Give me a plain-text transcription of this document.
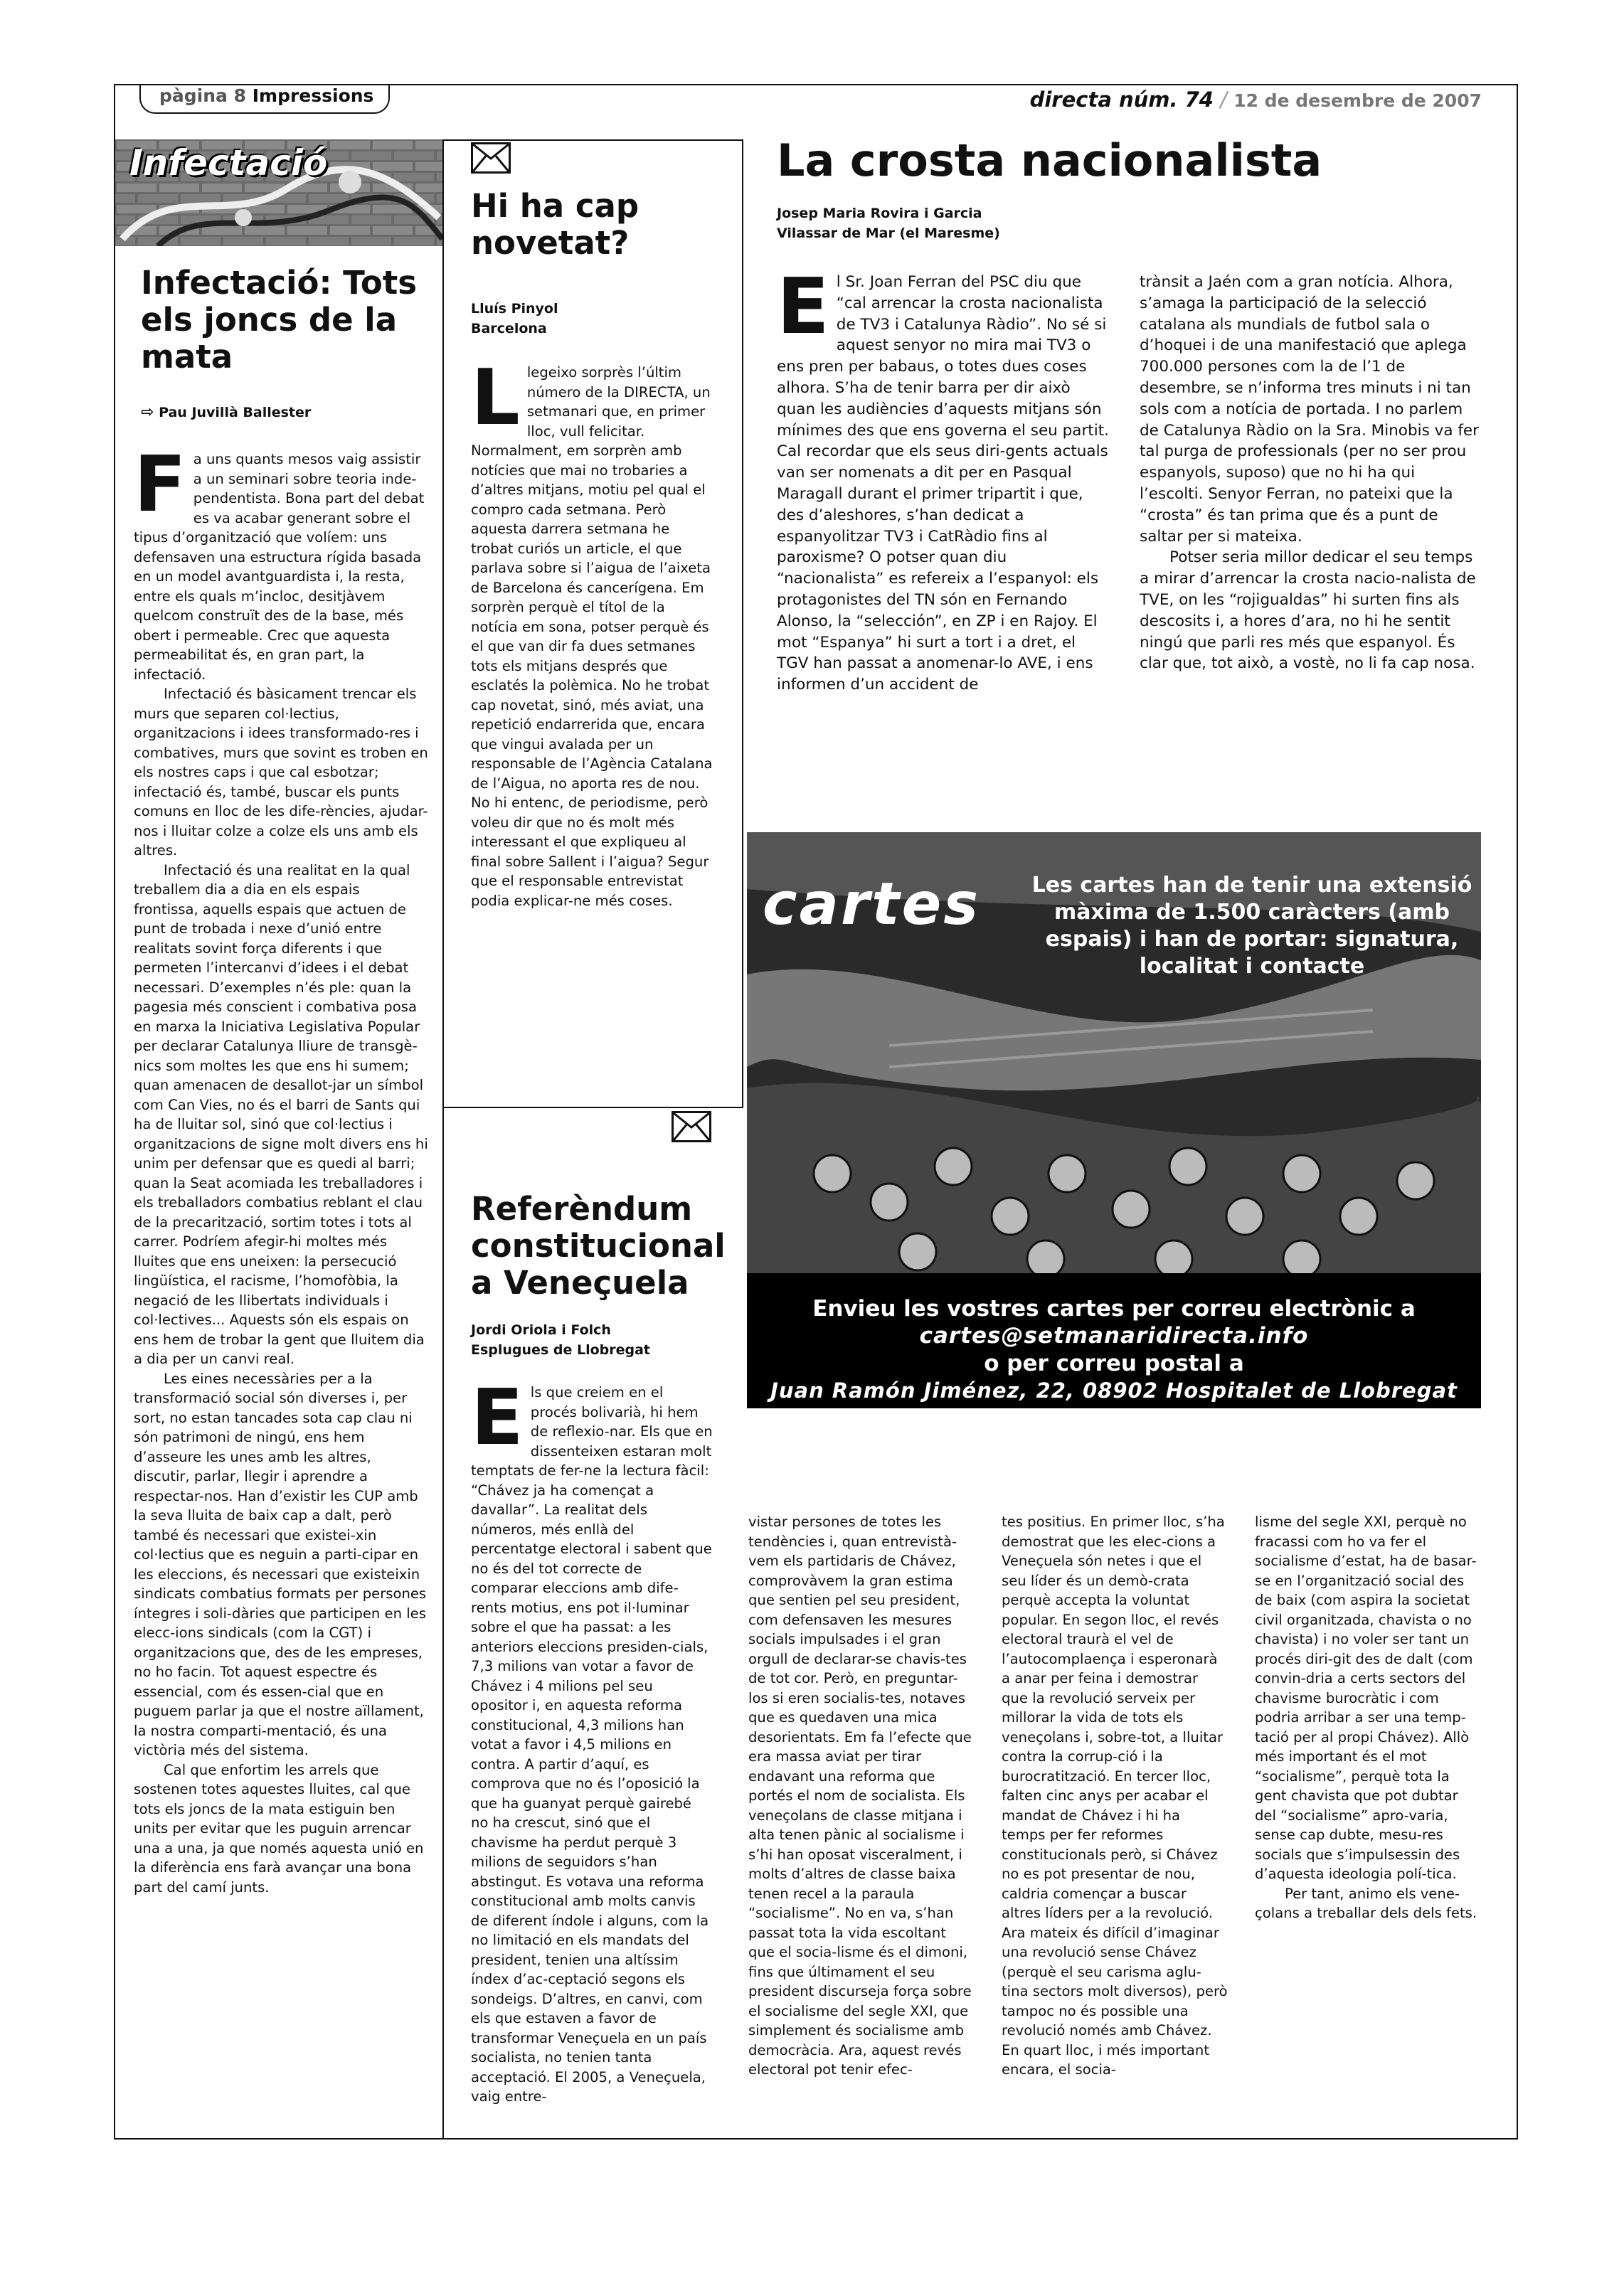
pàgina 8 Impressions	directa núm. 74 / 12 de desembre de 2007
Infectació
Infectació: Tots els joncs de la mata
⇨ Pau Juvillà Ballester
F a uns quants mesos vaig assistir a un seminari sobre teoria inde-pendentista. Bona part del debat es va acabar generant sobre el tipus d’organització que volíem: uns defensaven una estructura rígida basada en un model avantguardista i, la resta, entre els quals m’incloc, desitjàvem quelcom construït des de la base, més obert i permeable. Crec que aquesta permeabilitat és, en gran part, la infectació.

Infectació és bàsicament trencar els murs que separen col·lectius, organitzacions i idees transformado-res i combatives, murs que sovint es troben en els nostres caps i que cal esbotzar; infectació és, també, buscar els punts comuns en lloc de les dife-rències, ajudar-nos i lluitar colze a colze els uns amb els altres.

Infectació és una realitat en la qual treballem dia a dia en els espais frontissa, aquells espais que actuen de punt de trobada i nexe d’unió entre realitats sovint força diferents i que permeten l’intercanvi d’idees i el debat necessari. D’exemples n’és ple: quan la pagesia més conscient i combativa posa en marxa la Iniciativa Legislativa Popular per declarar Catalunya lliure de transgè-nics som moltes les que ens hi sumem; quan amenacen de desallot-jar un símbol com Can Vies, no és el barri de Sants qui ha de lluitar sol, sinó que col·lectius i organitzacions de signe molt divers ens hi unim per defensar que es quedi al barri; quan la Seat acomiada les treballadores i els treballadors combatius reblant el clau de la precarització, sortim totes i tots al carrer. Podríem afegir-hi moltes més lluites que ens uneixen: la persecució lingüística, el racisme, l’homofòbia, la negació de les llibertats individuals i col·lectives... Aquests són els espais on ens hem de trobar la gent que lluitem dia a dia per un canvi real.

Les eines necessàries per a la transformació social són diverses i, per sort, no estan tancades sota cap clau ni són patrimoni de ningú, ens hem d’asseure les unes amb les altres, discutir, parlar, llegir i aprendre a respectar-nos. Han d’existir les CUP amb la seva lluita de baix cap a dalt, però també és necessari que existei-xin col·lectius que es neguin a parti-cipar en les eleccions, és necessari que existeixin sindicats combatius formats per persones íntegres i soli-dàries que participen en les elecc-ions sindicals (com la CGT) i organitzacions que, des de les empreses, no ho facin. Tot aquest espectre és essencial, com és essen-cial que en puguem parlar ja que el nostre aïllament, la nostra comparti-mentació, és una victòria més del sistema.

Cal que enfortim les arrels que sostenen totes aquestes lluites, cal que tots els joncs de la mata estiguin ben units per evitar que les puguin arrencar una a una, ja que només aquesta unió en la diferència ens farà avançar una bona part del camí junts.

Hi ha cap novetat?
Lluís Pinyol
Barcelona
L legeixo sorprès l’últim número de la DIRECTA, un setmanari que, en primer lloc, vull felicitar. Normalment, em sorprèn amb notícies que mai no trobaries a d’altres mitjans, motiu pel qual el compro cada setmana. Però aquesta darrera setmana he trobat curiós un article, el que parlava sobre si l’aigua de l’aixeta de Barcelona és cancerígena. Em sorprèn perquè el títol de la notícia em sona, potser perquè és el que van dir fa dues setmanes tots els mitjans després que esclatés la polèmica. No he trobat cap novetat, sinó, més aviat, una repetició endarrerida que, encara que vingui avalada per un responsable de l’Agència Catalana de l’Aigua, no aporta res de nou. No hi entenc, de periodisme, però voleu dir que no és molt més interessant el que expliqueu al final sobre Sallent i l’aigua? Segur que el responsable entrevistat podia explicar-ne més coses.

La crosta nacionalista
Josep Maria Rovira i Garcia
Vilassar de Mar (el Maresme)
E l Sr. Joan Ferran del PSC diu que “cal arrencar la crosta nacionalista de TV3 i Catalunya Ràdio”. No sé si aquest senyor no mira mai TV3 o ens pren per babaus, o totes dues coses alhora. S’ha de tenir barra per dir això quan les audiències d’aquests mitjans són mínimes des que ens governa el seu partit. Cal recordar que els seus diri-gents actuals van ser nomenats a dit per en Pasqual Maragall durant el primer tripartit i que, des d’aleshores, s’han dedicat a espanyolitzar TV3 i CatRàdio fins al paroxisme? O potser quan diu “nacionalista” es refereix a l’espanyol: els protagonistes del TN són en Fernando Alonso, la “selección”, en ZP i en Rajoy. El mot “Espanya” hi surt a tort i a dret, el TGV han passat a anomenar-lo AVE, i ens informen d’un accident de

trànsit a Jaén com a gran notícia. Alhora, s’amaga la participació de la selecció catalana als mundials de futbol sala o d’hoquei i de una manifestació que aplega 700.000 persones com la de l’1 de desembre, se n’informa tres minuts i ni tan sols com a notícia de portada. I no parlem de Catalunya Ràdio on la Sra. Minobis va fer tal purga de professionals (per no ser prou espanyols, suposo) que no hi ha qui l’escolti. Senyor Ferran, no pateixi que la “crosta” és tan prima que és a punt de saltar per si mateixa.

Potser seria millor dedicar el seu temps a mirar d’arrencar la crosta nacio-nalista de TVE, on les “rojigualdas” hi surten fins als descosits i, a hores d’ara, no hi he sentit ningú que parli res més que espanyol. És clar que, tot això, a vostè, no li fa cap nosa.

cartes Les cartes han de tenir una extensió màxima de 1.500 caràcters (amb espais) i han de portar: signatura, localitat i contacte
Envieu les vostres cartes per correu electrònic a
cartes@setmanaridirecta.info
o per correu postal a
Juan Ramón Jiménez, 22, 08902 Hospitalet de Llobregat
Referèndum constitucional a Veneçuela
Jordi Oriola i Folch
Esplugues de Llobregat
E ls que creiem en el procés bolivarià, hi hem de reflexio-nar. Els que en dissenteixen estaran molt temptats de fer-ne la lectura fàcil: “Chávez ja ha començat a davallar”. La realitat dels números, més enllà del percentatge electoral i sabent que no és del tot correcte de comparar eleccions amb dife-rents motius, ens pot il·luminar sobre el que ha passat: a les anteriors eleccions presiden-cials, 7,3 milions van votar a favor de Chávez i 4 milions pel seu opositor i, en aquesta reforma constitucional, 4,3 milions han votat a favor i 4,5 milions en contra. A partir d’aquí, es comprova que no és l’oposició la que ha guanyat perquè gairebé no ha crescut, sinó que el chavisme ha perdut perquè 3 milions de seguidors s’han abstingut. Es votava una reforma constitucional amb molts canvis de diferent índole i alguns, com la no limitació en els mandats del president, tenien una altíssim índex d’ac-ceptació segons els sondeigs. D’altres, en canvi, com els que estaven a favor de transformar Veneçuela en un país socialista, no tenien tanta acceptació. El 2005, a Veneçuela, vaig entre-

vistar persones de totes les tendències i, quan entrevistà-vem els partidaris de Chávez, comprovàvem la gran estima que sentien pel seu president, com defensaven les mesures socials impulsades i el gran orgull de declarar-se chavis-tes de tot cor. Però, en preguntar-los si eren socialis-tes, notaves que es quedaven una mica desorientats. Em fa l’efecte que era massa aviat per tirar endavant una reforma que portés el nom de socialista. Els veneçolans de classe mitjana i alta tenen pànic al socialisme i s’hi han oposat visceralment, i molts d’altres de classe baixa tenen recel a la paraula “socialisme”. No en va, s’han passat tota la vida escoltant que el socia-lisme és el dimoni, fins que últimament el seu president discurseja força sobre el socialisme del segle XXI, que simplement és socialisme amb democràcia. Ara, aquest revés electoral pot tenir efec-

tes positius. En primer lloc, s’ha demostrat que les elec-cions a Veneçuela són netes i que el seu líder és un demò-crata perquè accepta la voluntat popular. En segon lloc, el revés electoral traurà el vel de l’autocomplaença i esperonarà a anar per feina i demostrar que la revolució serveix per millorar la vida de tots els veneçolans i, sobre-tot, a lluitar contra la corrup-ció i la burocratització. En tercer lloc, falten cinc anys per acabar el mandat de Chávez i hi ha temps per fer reformes constitucionals però, si Chávez no es pot presentar de nou, caldria començar a buscar altres líders per a la revolució. Ara mateix és difícil d’imaginar una revolució sense Chávez (perquè el seu carisma aglu-tina sectors molt diversos), però tampoc no és possible una revolució només amb Chávez. En quart lloc, i més important encara, el socia-

lisme del segle XXI, perquè no fracassi com ho va fer el socialisme d’estat, ha de basar-se en l’organització social des de baix (com aspira la societat civil organitzada, chavista o no chavista) i no voler ser tant un procés diri-git des de dalt (com convin-dria a certs sectors del chavisme burocràtic i com podria arribar a ser una temp-tació per al propi Chávez). Allò més important és el mot “socialisme”, perquè tota la gent chavista que pot dubtar del “socialisme” apro-varia, sense cap dubte, mesu-res socials que s’impulsessin des d’aquesta ideologia polí-tica.

Per tant, animo els vene-çolans a treballar dels dels fets.
